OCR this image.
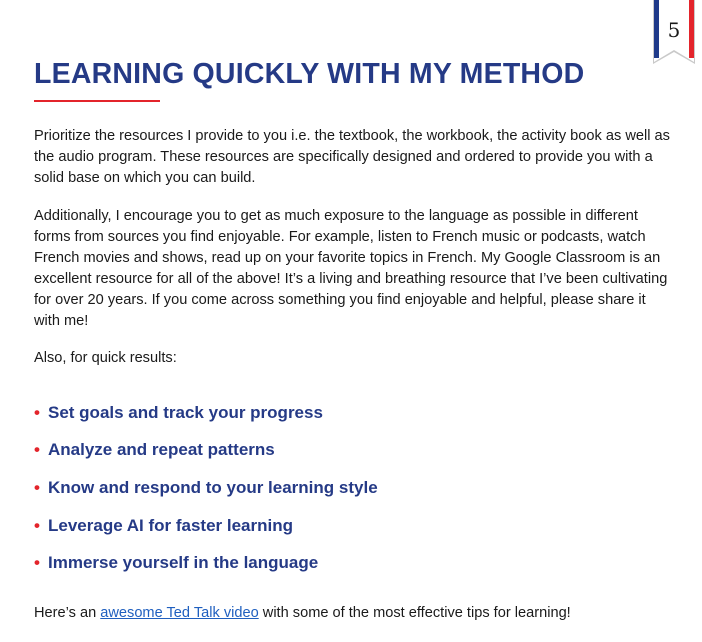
5
LEARNING QUICKLY WITH MY METHOD

Prioritize the resources I provide to you i.e. the textbook, the workbook, the activity book as well as the audio program. These resources are specifically designed and ordered to provide you with a solid base on which you can build.

Additionally, I encourage you to get as much exposure to the language as possible in different forms from sources you find enjoyable. For example, listen to French music or podcasts, watch French movies and shows, read up on your favorite topics in French. My Google Classroom is an excellent resource for all of the above! It’s a living and breathing resource that I’ve been cultivating for over 20 years. If you come across something you find enjoyable and helpful, please share it with me!

Also, for quick results:

• Set goals and track your progress
• Analyze and repeat patterns
• Know and respond to your learning style
• Leverage AI for faster learning
• Immerse yourself in the language

Here’s an awesome Ted Talk video with some of the most effective tips for learning!
